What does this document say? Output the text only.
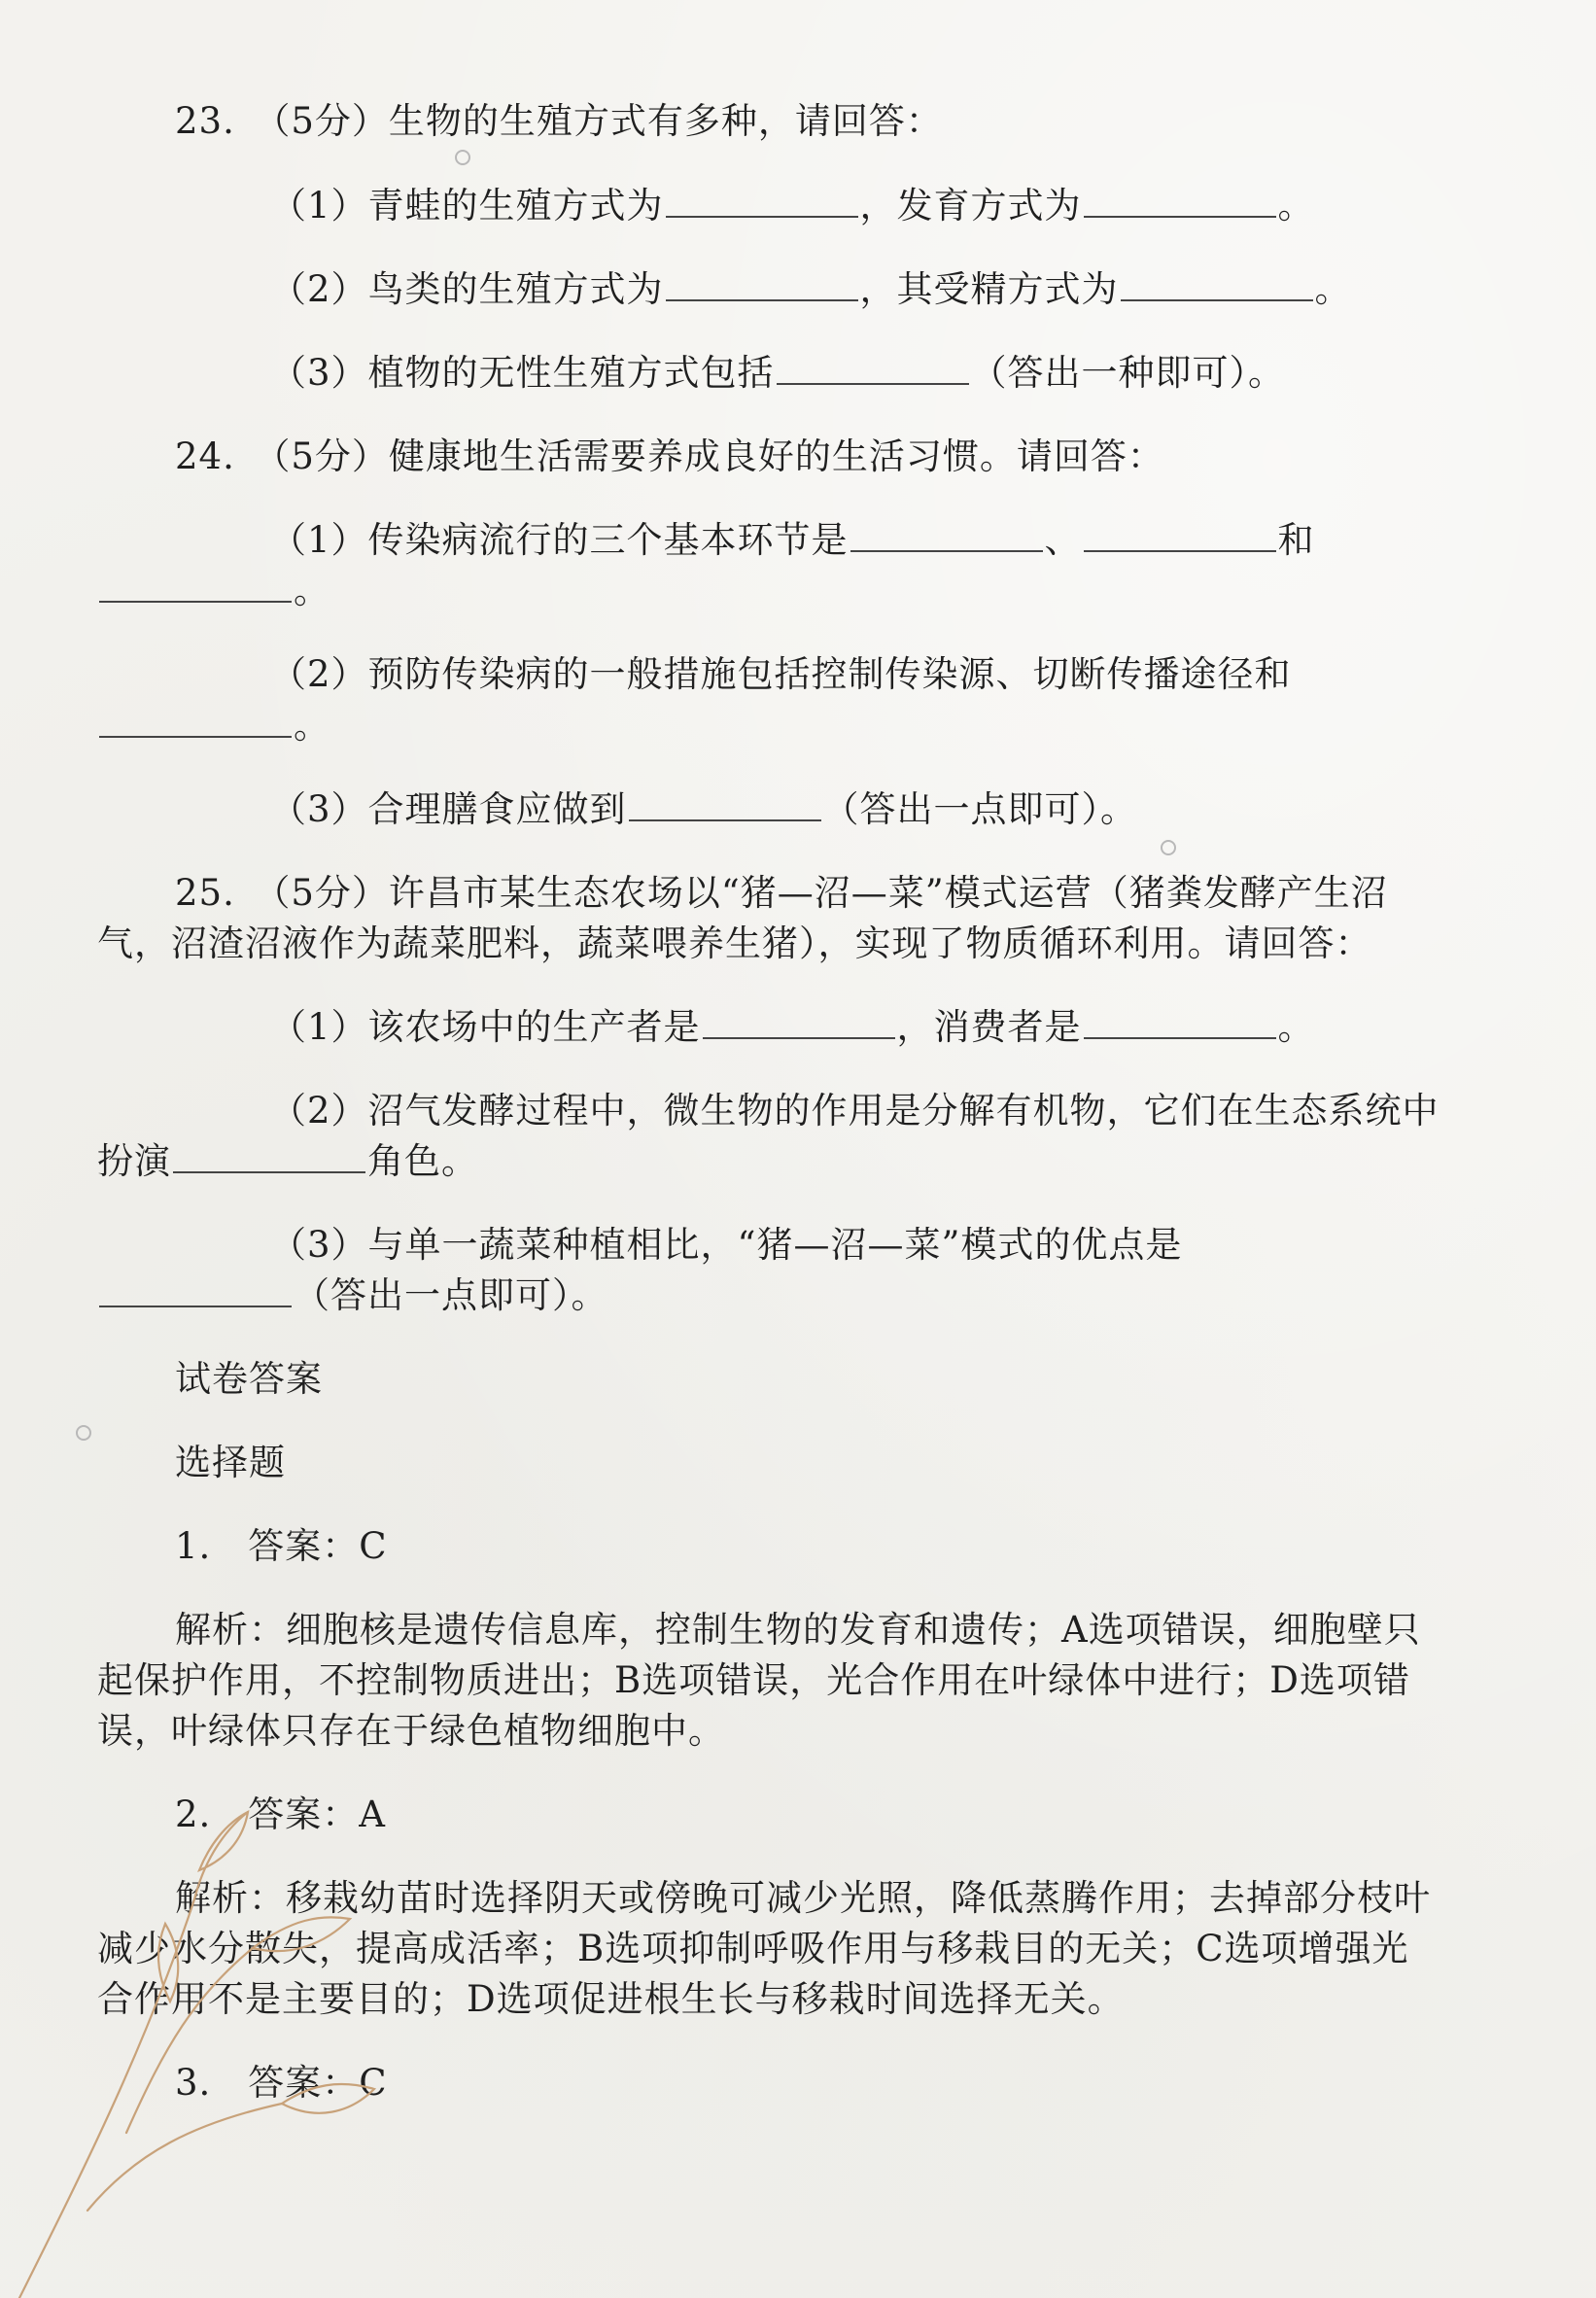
23.　（5分）生物的生殖方式有多种，请回答：
（1）青蛙的生殖方式为	，发育方式为	。
（2）鸟类的生殖方式为	，其受精方式为	。
（3）植物的无性生殖方式包括	（答出一种即可）。
24.　（5分）健康地生活需要养成良好的生活习惯。请回答：
（1）传染病流行的三个基本环节是	、	和
。
（2）预防传染病的一般措施包括控制传染源、切断传播途径和
。
（3）合理膳食应做到	（答出一点即可）。
25.　（5分）许昌市某生态农场以“猪—沼—菜”模式运营（猪粪发酵产生沼
气，沼渣沼液作为蔬菜肥料，蔬菜喂养生猪），实现了物质循环利用。请回答：
（1）该农场中的生产者是	，消费者是	。
（2）沼气发酵过程中，微生物的作用是分解有机物，它们在生态系统中
扮演	角色。
（3）与单一蔬菜种植相比，“猪—沼—菜”模式的优点是
（答出一点即可）。
试卷答案
选择题
1.　答案：C
解析：细胞核是遗传信息库，控制生物的发育和遗传；A选项错误，细胞壁只
起保护作用，不控制物质进出；B选项错误，光合作用在叶绿体中进行；D选项错
误，叶绿体只存在于绿色植物细胞中。
2.　答案：A
解析：移栽幼苗时选择阴天或傍晚可减少光照，降低蒸腾作用；去掉部分枝叶
减少水分散失，提高成活率；B选项抑制呼吸作用与移栽目的无关；C选项增强光
合作用不是主要目的；D选项促进根生长与移栽时间选择无关。
3.　答案：C
